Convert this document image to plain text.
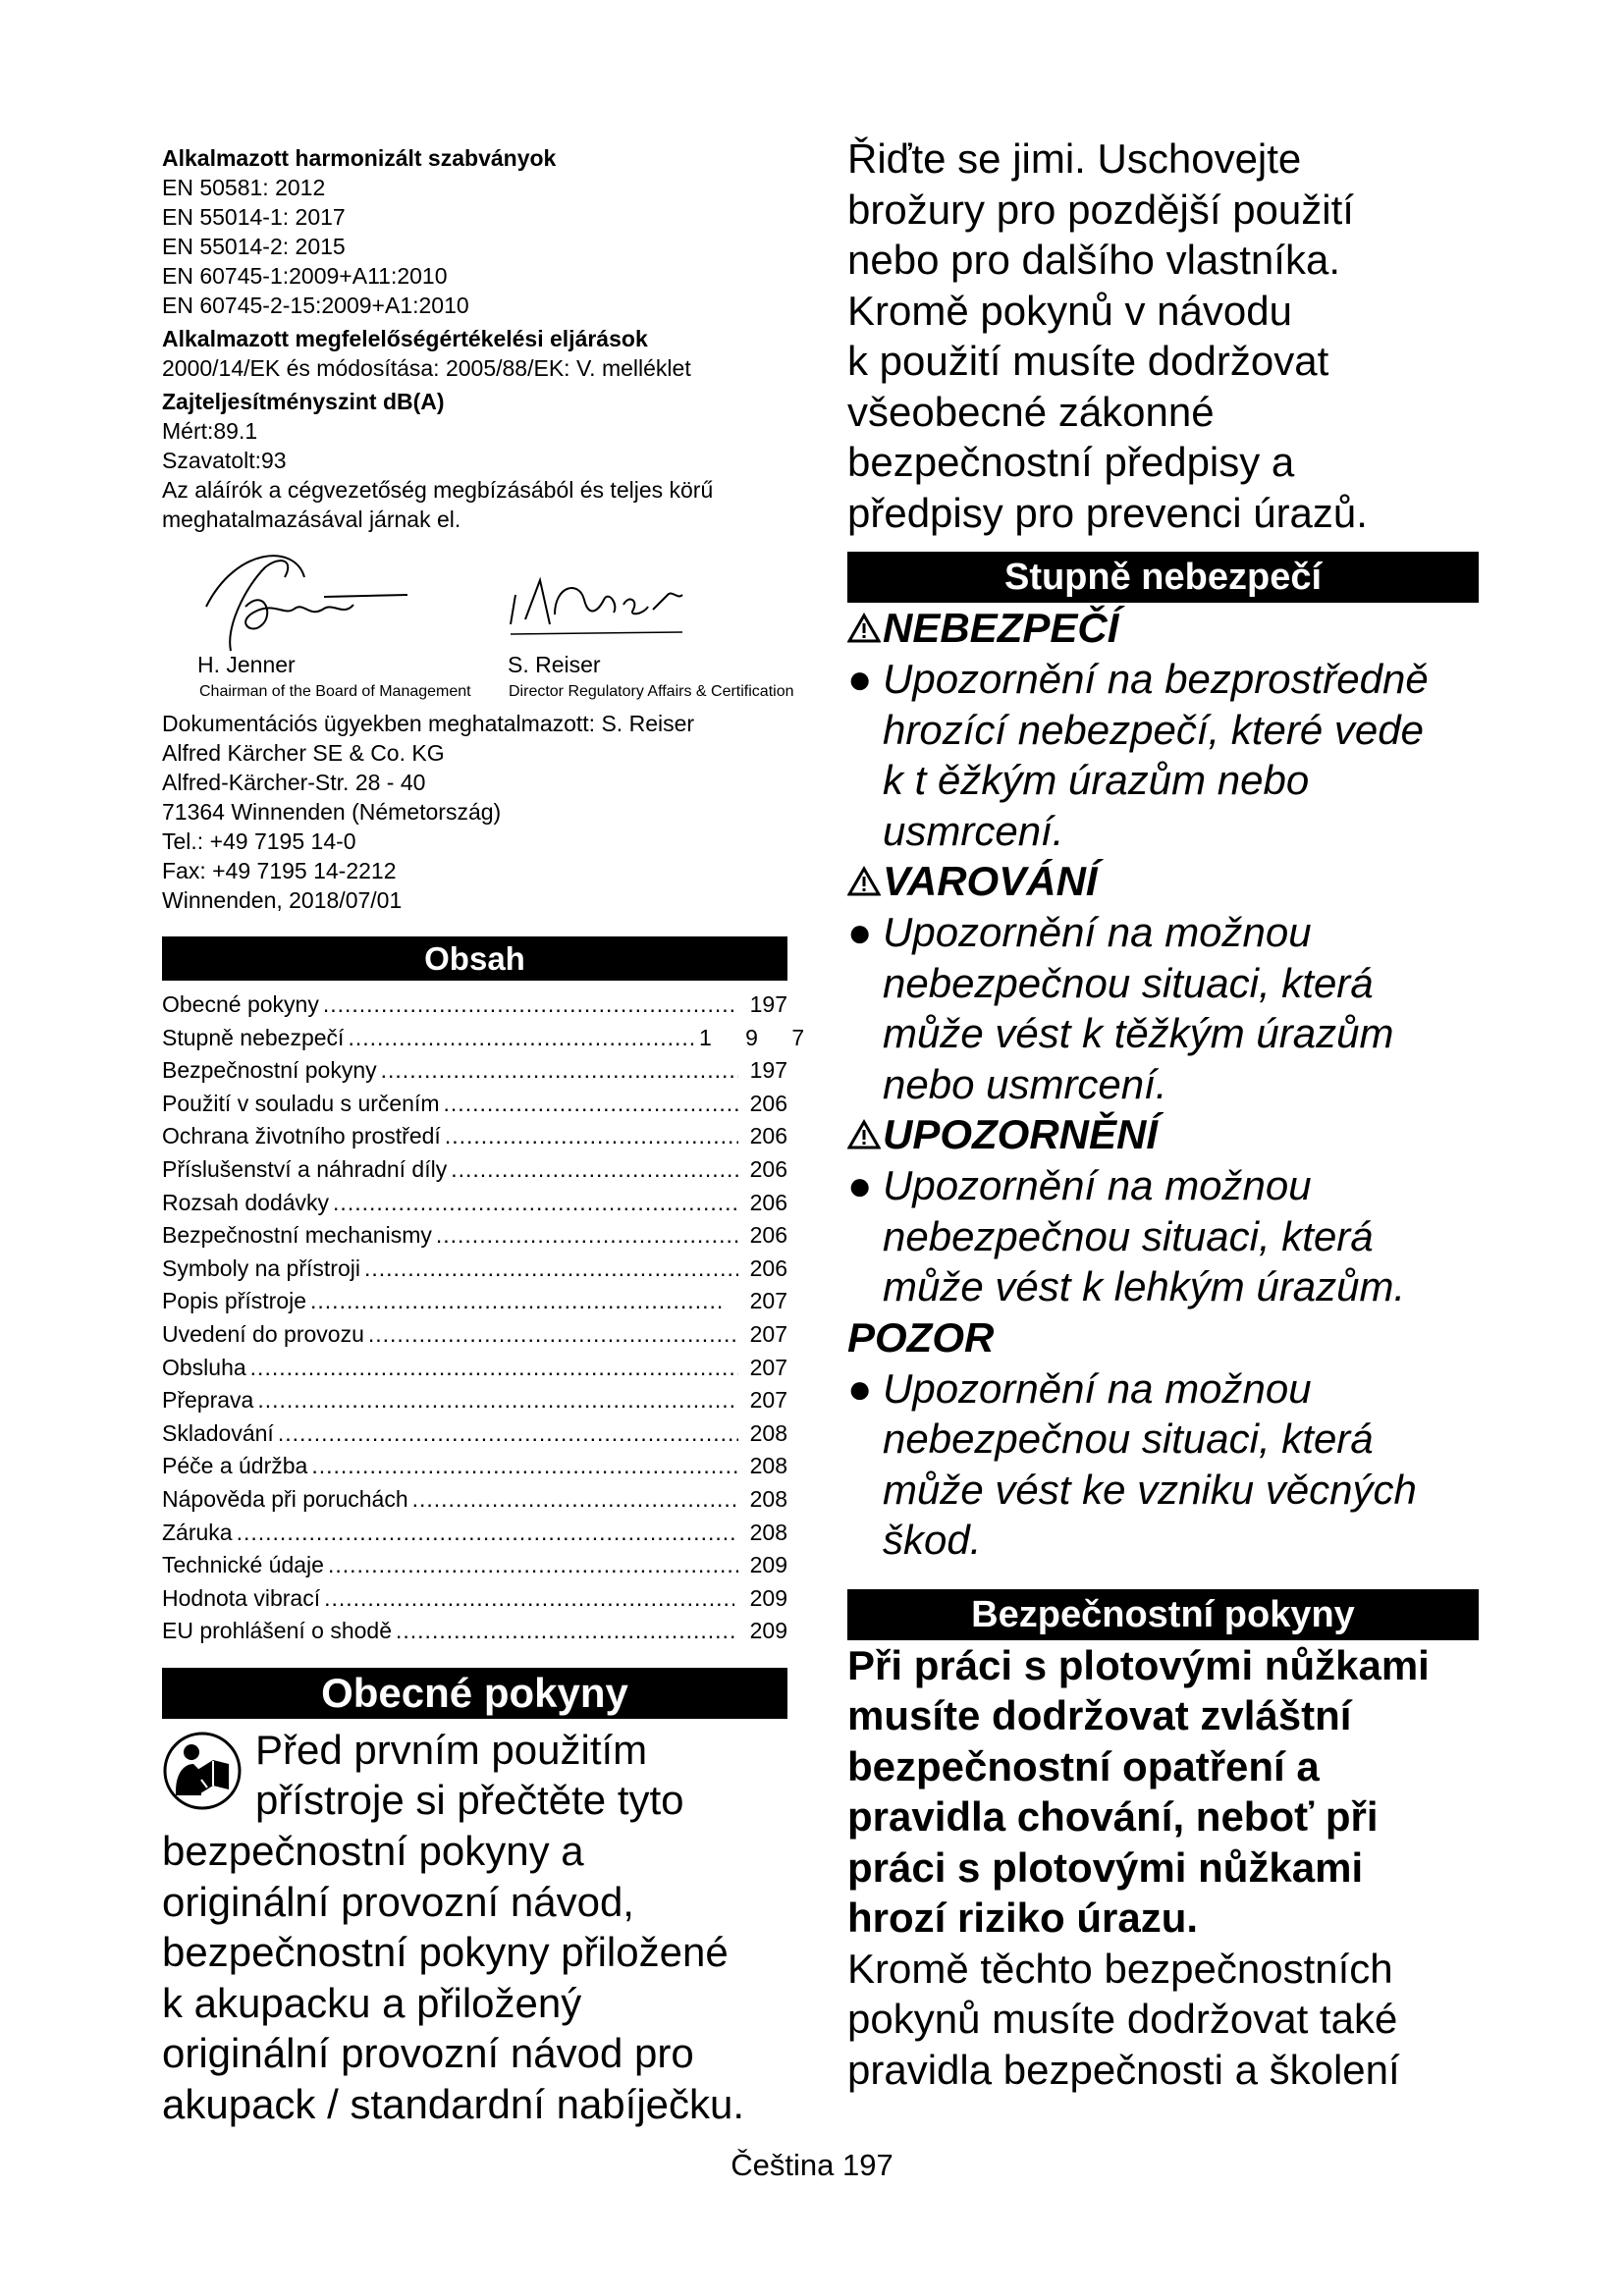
Alkalmazott harmonizált szabványok
EN 50581: 2012
EN 55014-1: 2017
EN 55014-2: 2015
EN 60745-1:2009+A11:2010
EN 60745-2-15:2009+A1:2010
Alkalmazott megfelelőségértékelési eljárások
2000/14/EK és módosítása: 2005/88/EK: V. melléklet
Zajteljesítményszint dB(A)
Mért:89.1
Szavatolt:93
Az aláírók a cégvezetőség megbízásából és teljes körű
meghatalmazásával járnak el.
H. Jenner
Chairman of the Board of Management
S. Reiser
Director Regulatory Affairs & Certification
Dokumentációs ügyekben meghatalmazott: S. Reiser
Alfred Kärcher SE & Co. KG
Alfred-Kärcher-Str. 28 - 40
71364 Winnenden (Németország)
Tel.: +49 7195 14-0
Fax: +49 7195 14-2212
Winnenden, 2018/07/01
Obsah
Obecné pokyny .....	197
Stupně nebezpečí .....	1 9 7
Bezpečnostní pokyny .....	197
Použití v souladu s určením .....	206
Ochrana životního prostředí .....	206
Příslušenství a náhradní díly .....	206
Rozsah dodávky .....	206
Bezpečnostní mechanismy .....	206
Symboly na přístroji .....	206
Popis přístroje .....	207
Uvedení do provozu .....	207
Obsluha .....	207
Přeprava .....	207
Skladování .....	208
Péče a údržba .....	208
Nápověda při poruchách .....	208
Záruka .....	208
Technické údaje .....	209
Hodnota vibrací .....	209
EU prohlášení o shodě .....	209
Obecné pokyny
Před prvním použitím
přístroje si přečtěte tyto
bezpečnostní pokyny a
originální provozní návod,
bezpečnostní pokyny přiložené
k akupacku a přiložený
originální provozní návod pro
akupack / standardní nabíječku.
Řiďte se jimi. Uschovejte
brožury pro pozdější použití
nebo pro dalšího vlastníka.
Kromě pokynů v návodu
k použití musíte dodržovat
všeobecné zákonné
bezpečnostní předpisy a
předpisy pro prevenci úrazů.
Stupně nebezpečí
NEBEZPEČÍ
● Upozornění na bezprostředně
hrozící nebezpečí, které vede
k t ěžkým úrazům nebo
usmrcení.
VAROVÁNÍ
● Upozornění na možnou
nebezpečnou situaci, která
může vést k těžkým úrazům
nebo usmrcení.
UPOZORNĚNÍ
● Upozornění na možnou
nebezpečnou situaci, která
může vést k lehkým úrazům.
POZOR
● Upozornění na možnou
nebezpečnou situaci, která
může vést ke vzniku věcných
škod.
Bezpečnostní pokyny
Při práci s plotovými nůžkami
musíte dodržovat zvláštní
bezpečnostní opatření a
pravidla chování, neboť při
práci s plotovými nůžkami
hrozí riziko úrazu.
Kromě těchto bezpečnostních
pokynů musíte dodržovat také
pravidla bezpečnosti a školení
Čeština 197
